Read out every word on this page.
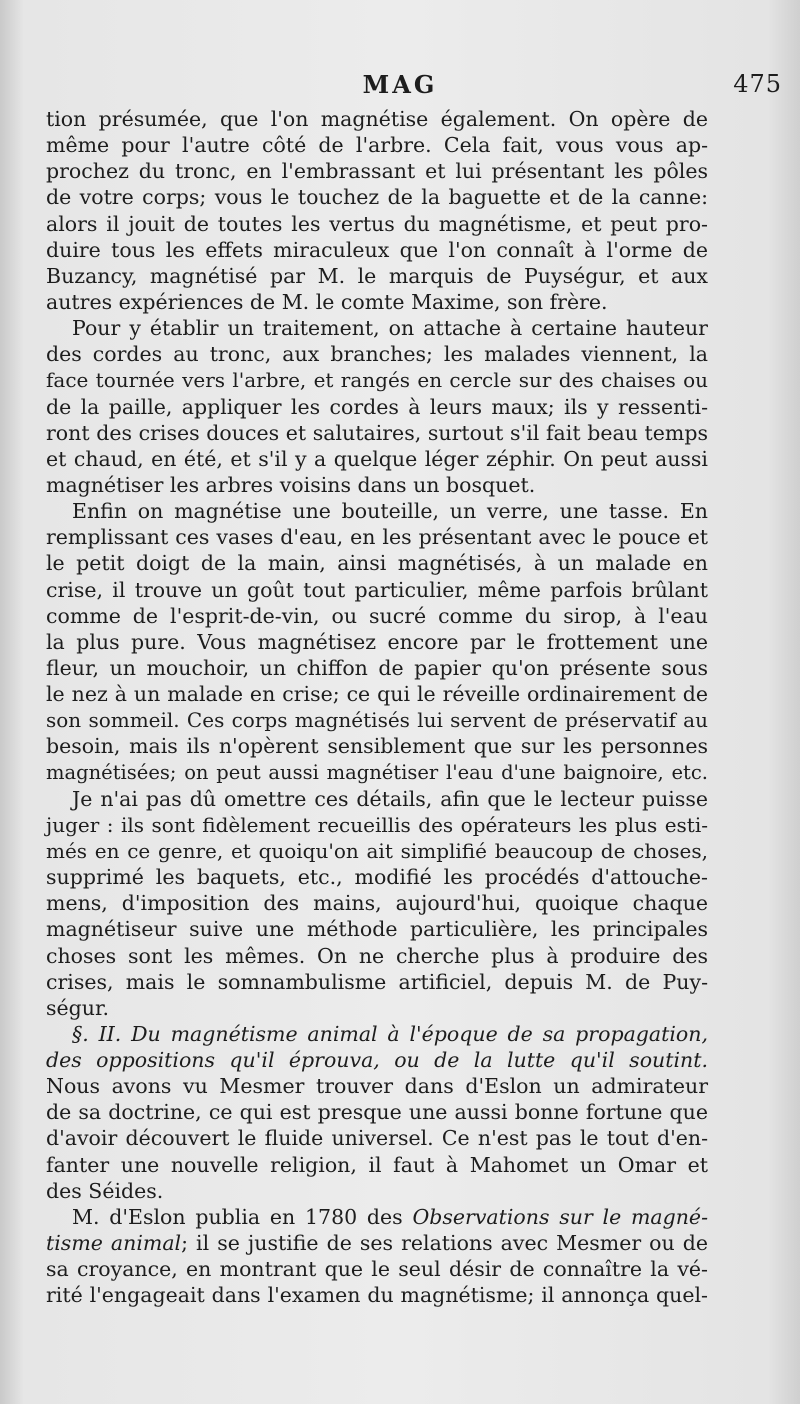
MAG	475
tion présumée, que l'on magnétise également. On opère de
même pour l'autre côté de l'arbre. Cela fait, vous vous ap-
prochez du tronc, en l'embrassant et lui présentant les pôles
de votre corps; vous le touchez de la baguette et de la canne:
alors il jouit de toutes les vertus du magnétisme, et peut pro-
duire tous les effets miraculeux que l'on connaît à l'orme de
Buzancy, magnétisé par M. le marquis de Puységur, et aux
autres expériences de M. le comte Maxime, son frère.
Pour y établir un traitement, on attache à certaine hauteur
des cordes au tronc, aux branches; les malades viennent, la
face tournée vers l'arbre, et rangés en cercle sur des chaises ou
de la paille, appliquer les cordes à leurs maux; ils y ressenti-
ront des crises douces et salutaires, surtout s'il fait beau temps
et chaud, en été, et s'il y a quelque léger zéphir. On peut aussi
magnétiser les arbres voisins dans un bosquet.
Enfin on magnétise une bouteille, un verre, une tasse. En
remplissant ces vases d'eau, en les présentant avec le pouce et
le petit doigt de la main, ainsi magnétisés, à un malade en
crise, il trouve un goût tout particulier, même parfois brûlant
comme de l'esprit-de-vin, ou sucré comme du sirop, à l'eau
la plus pure. Vous magnétisez encore par le frottement une
fleur, un mouchoir, un chiffon de papier qu'on présente sous
le nez à un malade en crise; ce qui le réveille ordinairement de
son sommeil. Ces corps magnétisés lui servent de préservatif au
besoin, mais ils n'opèrent sensiblement que sur les personnes
magnétisées; on peut aussi magnétiser l'eau d'une baignoire, etc.
Je n'ai pas dû omettre ces détails, afin que le lecteur puisse
juger : ils sont fidèlement recueillis des opérateurs les plus esti-
més en ce genre, et quoiqu'on ait simplifié beaucoup de choses,
supprimé les baquets, etc., modifié les procédés d'attouche-
mens, d'imposition des mains, aujourd'hui, quoique chaque
magnétiseur suive une méthode particulière, les principales
choses sont les mêmes. On ne cherche plus à produire des
crises, mais le somnambulisme artificiel, depuis M. de Puy-
ségur.
§. II. Du magnétisme animal à l'époque de sa propagation,
des oppositions qu'il éprouva, ou de la lutte qu'il soutint.
Nous avons vu Mesmer trouver dans d'Eslon un admirateur
de sa doctrine, ce qui est presque une aussi bonne fortune que
d'avoir découvert le fluide universel. Ce n'est pas le tout d'en-
fanter une nouvelle religion, il faut à Mahomet un Omar et
des Séides.
M. d'Eslon publia en 1780 des Observations sur le magné-
tisme animal; il se justifie de ses relations avec Mesmer ou de
sa croyance, en montrant que le seul désir de connaître la vé-
rité l'engageait dans l'examen du magnétisme; il annonça quel-
